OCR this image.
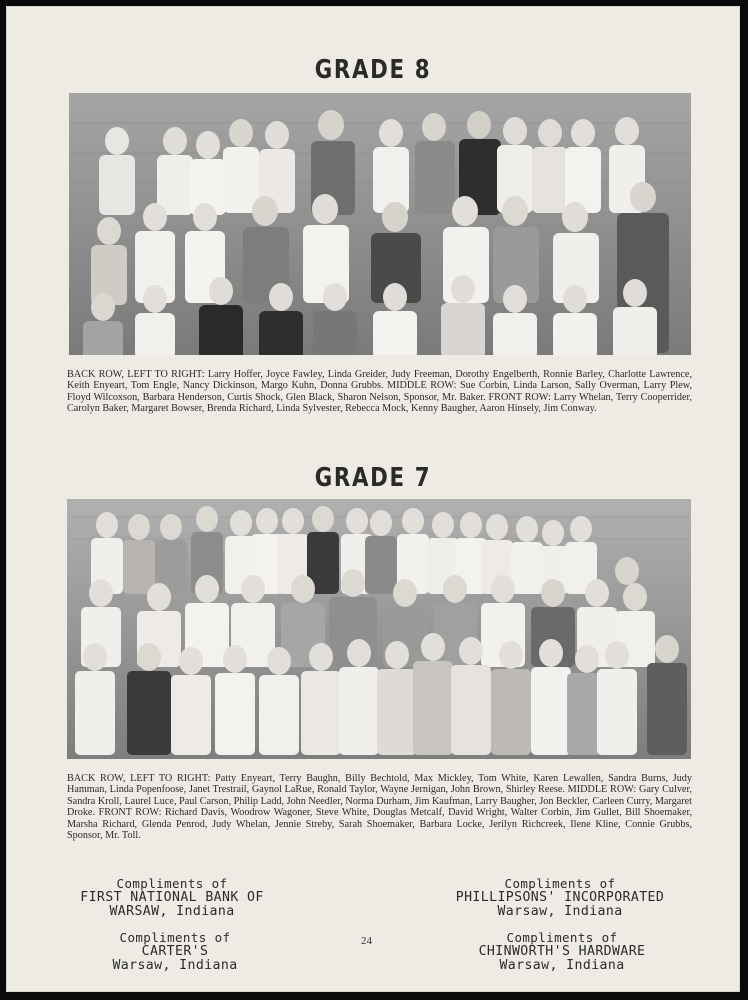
GRADE 8
BACK ROW, LEFT TO RIGHT: Larry Hoffer, Joyce Fawley, Linda Greider, Judy Freeman, Dorothy Engelberth, Ronnie Barley, Charlotte Lawrence, Keith Enyeart, Tom Engle, Nancy Dickinson, Margo Kuhn, Donna Grubbs. MIDDLE ROW: Sue Corbin, Linda Larson, Sally Overman, Larry Plew, Floyd Wilcoxson, Barbara Henderson, Curtis Shock, Glen Black, Sharon Nelson, Sponsor, Mr. Baker. FRONT ROW: Larry Whelan, Terry Cooperrider, Carolyn Baker, Margaret Bowser, Brenda Richard, Linda Sylvester, Rebecca Mock, Kenny Baugher, Aaron Hinsely, Jim Conway.
GRADE 7
BACK ROW, LEFT TO RIGHT: Patty Enyeart, Terry Baughn, Billy Bechtold, Max Mickley, Tom White, Karen Lewallen, Sandra Burns, Judy Hamman, Linda Popenfoose, Janet Trestrail, Gaynol LaRue, Ronald Taylor, Wayne Jernigan, John Brown, Shirley Reese. MIDDLE ROW: Gary Culver, Sandra Kroll, Laurel Luce, Paul Carson, Philip Ladd, John Needler, Norma Durham, Jim Kaufman, Larry Baugher, Jon Beckler, Carleen Curry, Margaret Droke. FRONT ROW: Richard Davis, Woodrow Wagoner, Steve White, Douglas Metcalf, David Wright, Walter Corbin, Jim Gullet, Bill Shoemaker, Marsha Richard, Glenda Penrod, Judy Whelan, Jennie Streby, Sarah Shoemaker, Barbara Locke, Jerilyn Richcreek, Ilene Kline, Connie Grubbs, Sponsor, Mr. Toll.
Compliments of
FIRST NATIONAL BANK OF
WARSAW, Indiana
Compliments of
PHILLIPSONS' INCORPORATED
Warsaw, Indiana
Compliments of
CARTER'S
Warsaw, Indiana
24	Compliments of
CHINWORTH'S HARDWARE
Warsaw, Indiana
